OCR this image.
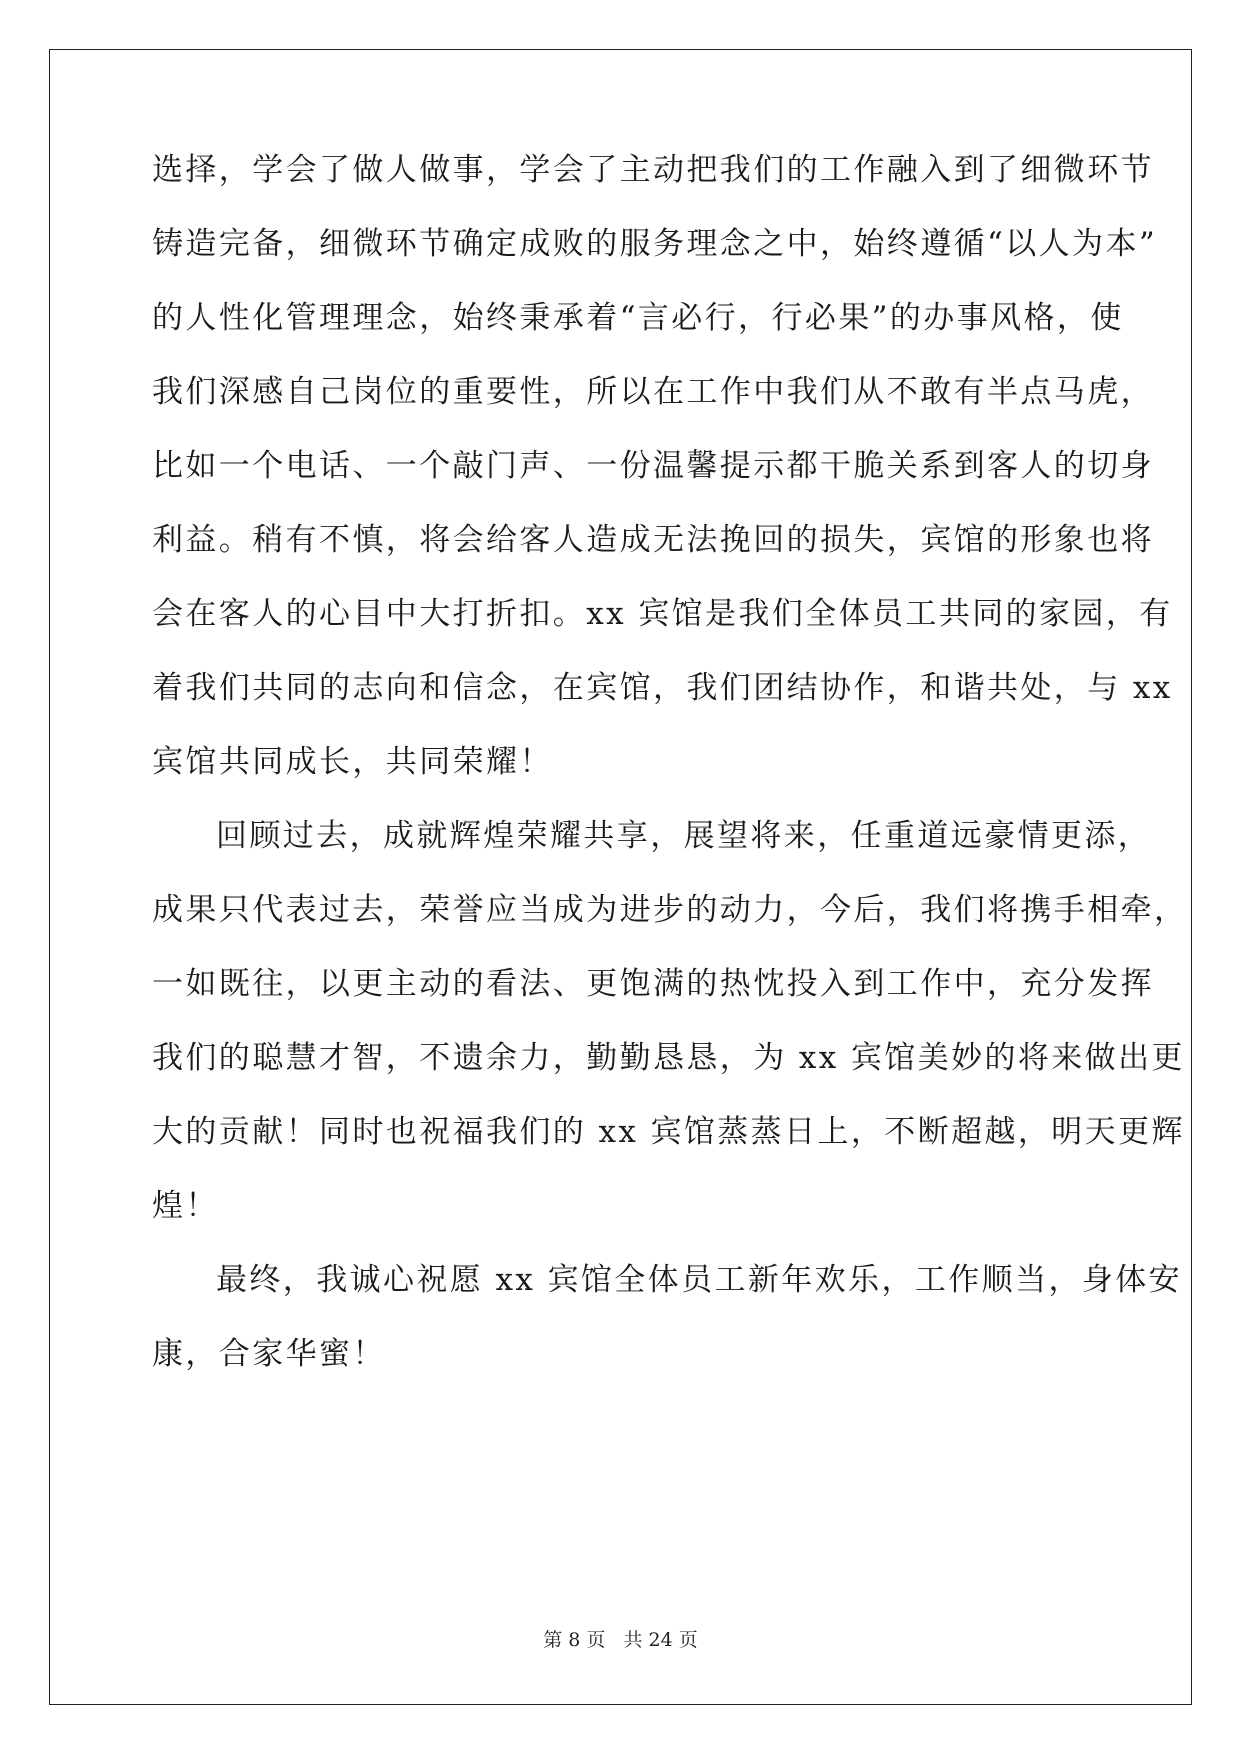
选择，学会了做人做事，学会了主动把我们的工作融入到了细微环节
铸造完备，细微环节确定成败的服务理念之中，始终遵循“以人为本”
的人性化管理理念，始终秉承着“言必行，行必果”的办事风格，使
我们深感自己岗位的重要性，所以在工作中我们从不敢有半点马虎，
比如一个电话、一个敲门声、一份温馨提示都干脆关系到客人的切身
利益。稍有不慎，将会给客人造成无法挽回的损失，宾馆的形象也将
会在客人的心目中大打折扣。xx 宾馆是我们全体员工共同的家园，有
着我们共同的志向和信念，在宾馆，我们团结协作，和谐共处，与 xx
宾馆共同成长，共同荣耀！
回顾过去，成就辉煌荣耀共享，展望将来，任重道远豪情更添，
成果只代表过去，荣誉应当成为进步的动力，今后，我们将携手相牵，
一如既往，以更主动的看法、更饱满的热忱投入到工作中，充分发挥
我们的聪慧才智，不遗余力，勤勤恳恳，为 xx 宾馆美妙的将来做出更
大的贡献！同时也祝福我们的 xx 宾馆蒸蒸日上，不断超越，明天更辉
煌！
最终，我诚心祝愿 xx 宾馆全体员工新年欢乐，工作顺当，身体安
康，合家华蜜！
第 8 页   共 24 页
